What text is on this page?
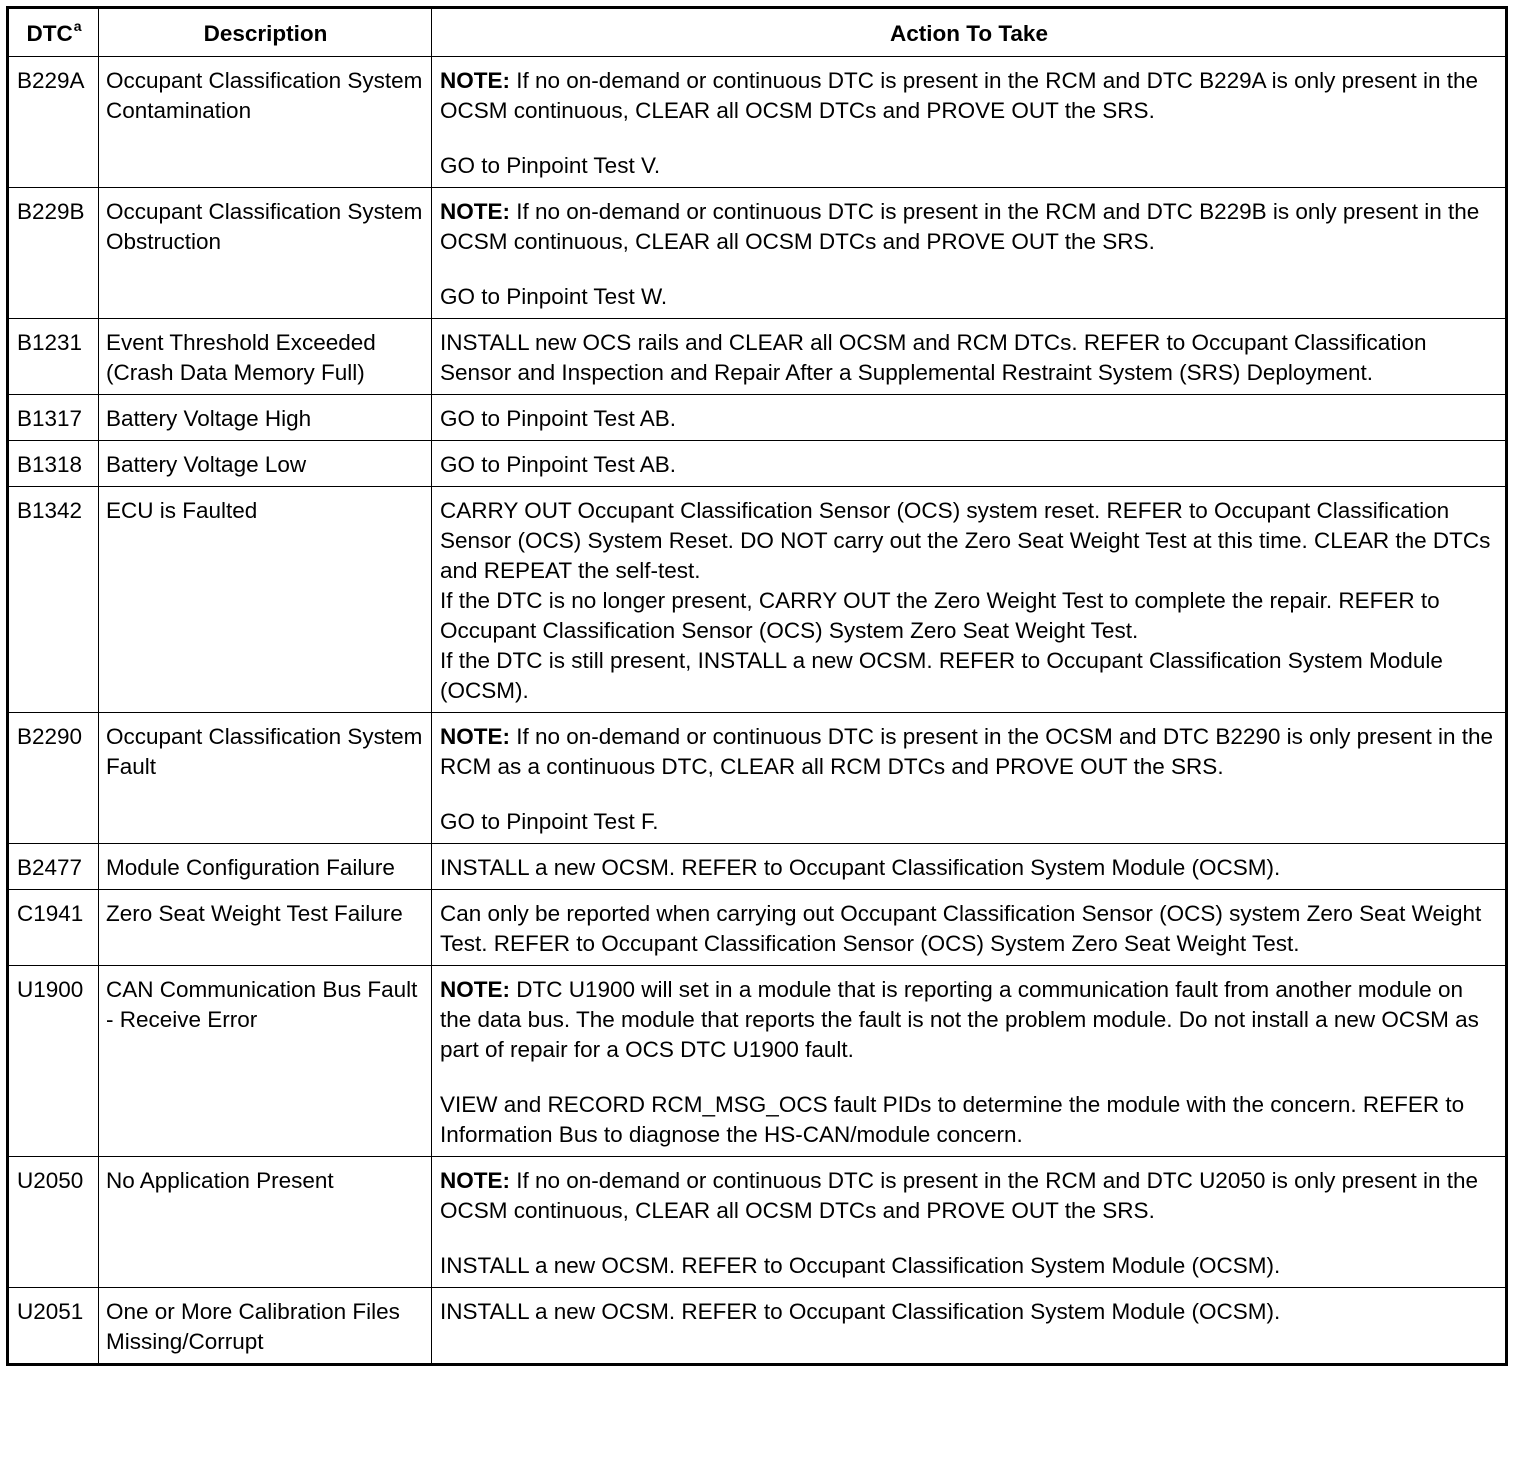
DTC$^a$	Description	Action To Take
B229A	Occupant Classification System Contamination	NOTE: If no on-demand or continuous DTC is present in the RCM and DTC B229A is only present in the OCSM continuous, CLEAR all OCSM DTCs and PROVE OUT the SRS.
GO to Pinpoint Test V.

B229B	Occupant Classification System Obstruction	NOTE: If no on-demand or continuous DTC is present in the RCM and DTC B229B is only present in the OCSM continuous, CLEAR all OCSM DTCs and PROVE OUT the SRS.
GO to Pinpoint Test W.

B1231	Event Threshold Exceeded (Crash Data Memory Full)	INSTALL new OCS rails and CLEAR all OCSM and RCM DTCs. REFER to Occupant Classification Sensor and Inspection and Repair After a Supplemental Restraint System (SRS) Deployment.

B1317	Battery Voltage High	GO to Pinpoint Test AB.

B1318	Battery Voltage Low	GO to Pinpoint Test AB.

B1342	ECU is Faulted	CARRY OUT Occupant Classification Sensor (OCS) system reset. REFER to Occupant Classification Sensor (OCS) System Reset. DO NOT carry out the Zero Seat Weight Test at this time. CLEAR the DTCs and REPEAT the self-test.
If the DTC is no longer present, CARRY OUT the Zero Weight Test to complete the repair. REFER to Occupant Classification Sensor (OCS) System Zero Seat Weight Test.
If the DTC is still present, INSTALL a new OCSM. REFER to Occupant Classification System Module (OCSM).

B2290	Occupant Classification System Fault	NOTE: If no on-demand or continuous DTC is present in the OCSM and DTC B2290 is only present in the RCM as a continuous DTC, CLEAR all RCM DTCs and PROVE OUT the SRS.
GO to Pinpoint Test F.

B2477	Module Configuration Failure	INSTALL a new OCSM. REFER to Occupant Classification System Module (OCSM).

C1941	Zero Seat Weight Test Failure	Can only be reported when carrying out Occupant Classification Sensor (OCS) system Zero Seat Weight Test. REFER to Occupant Classification Sensor (OCS) System Zero Seat Weight Test.

U1900	CAN Communication Bus Fault - Receive Error	NOTE: DTC U1900 will set in a module that is reporting a communication fault from another module on the data bus. The module that reports the fault is not the problem module. Do not install a new OCSM as part of repair for a OCS DTC U1900 fault.
VIEW and RECORD RCM_MSG_OCS fault PIDs to determine the module with the concern. REFER to Information Bus to diagnose the HS-CAN/module concern.

U2050	No Application Present	NOTE: If no on-demand or continuous DTC is present in the RCM and DTC U2050 is only present in the OCSM continuous, CLEAR all OCSM DTCs and PROVE OUT the SRS.
INSTALL a new OCSM. REFER to Occupant Classification System Module (OCSM).

U2051	One or More Calibration Files Missing/Corrupt	INSTALL a new OCSM. REFER to Occupant Classification System Module (OCSM).
